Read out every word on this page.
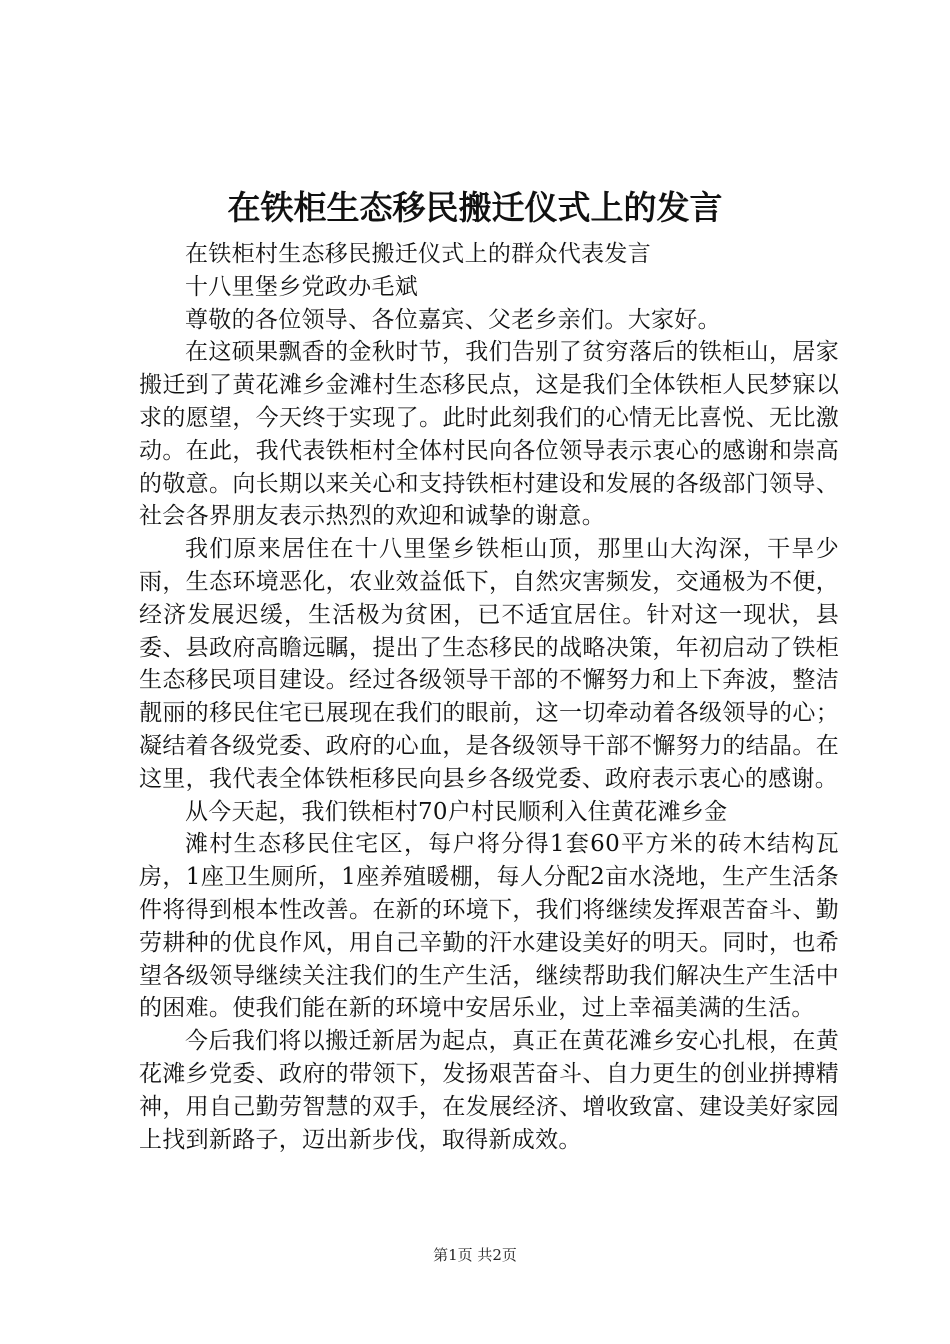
在铁柜生态移民搬迁仪式上的发言

在铁柜村生态移民搬迁仪式上的群众代表发言

十八里堡乡党政办毛斌

尊敬的各位领导、各位嘉宾、父老乡亲们。大家好。

在这硕果飘香的金秋时节，我们告别了贫穷落后的铁柜山，居家搬迁到了黄花滩乡金滩村生态移民点，这是我们全体铁柜人民梦寐以求的愿望，今天终于实现了。此时此刻我们的心情无比喜悦、无比激动。在此，我代表铁柜村全体村民向各位领导表示衷心的感谢和崇高的敬意。向长期以来关心和支持铁柜村建设和发展的各级部门领导、社会各界朋友表示热烈的欢迎和诚挚的谢意。

我们原来居住在十八里堡乡铁柜山顶，那里山大沟深，干旱少雨，生态环境恶化，农业效益低下，自然灾害频发，交通极为不便，经济发展迟缓，生活极为贫困，已不适宜居住。针对这一现状，县委、县政府高瞻远瞩，提出了生态移民的战略决策，年初启动了铁柜生态移民项目建设。经过各级领导干部的不懈努力和上下奔波，整洁靓丽的移民住宅已展现在我们的眼前，这一切牵动着各级领导的心；凝结着各级党委、政府的心血，是各级领导干部不懈努力的结晶。在这里，我代表全体铁柜移民向县乡各级党委、政府表示衷心的感谢。

从今天起，我们铁柜村70户村民顺利入住黄花滩乡金

滩村生态移民住宅区，每户将分得1套60平方米的砖木结构瓦房，1座卫生厕所，1座养殖暖棚，每人分配2亩水浇地，生产生活条件将得到根本性改善。在新的环境下，我们将继续发挥艰苦奋斗、勤劳耕种的优良作风，用自己辛勤的汗水建设美好的明天。同时，也希望各级领导继续关注我们的生产生活，继续帮助我们解决生产生活中的困难。使我们能在新的环境中安居乐业，过上幸福美满的生活。

今后我们将以搬迁新居为起点，真正在黄花滩乡安心扎根，在黄花滩乡党委、政府的带领下，发扬艰苦奋斗、自力更生的创业拼搏精神，用自己勤劳智慧的双手，在发展经济、增收致富、建设美好家园上找到新路子，迈出新步伐，取得新成效。

第1页 共2页
